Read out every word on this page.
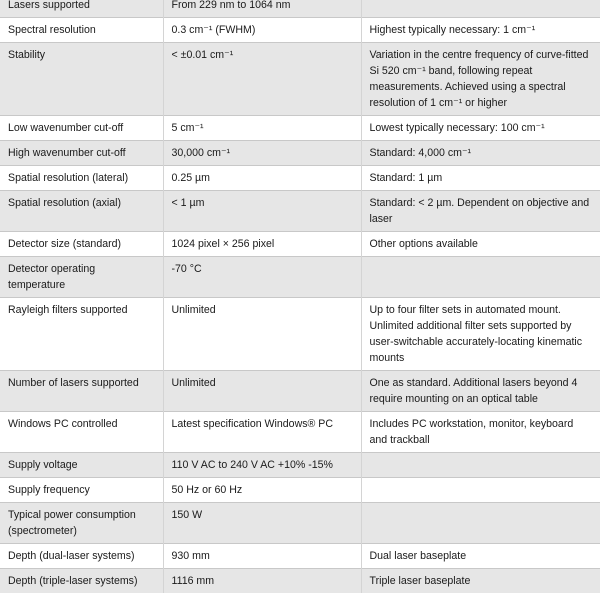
Lasers supported	From 229 nm to 1064 nm	
Spectral resolution	0.3 cm⁻¹ (FWHM)	Highest typically necessary: 1 cm⁻¹
Stability	< ±0.01 cm⁻¹	Variation in the centre frequency of curve-fitted Si 520 cm⁻¹ band, following repeat measurements. Achieved using a spectral resolution of 1 cm⁻¹ or higher
Low wavenumber cut-off	5 cm⁻¹	Lowest typically necessary: 100 cm⁻¹
High wavenumber cut-off	30,000 cm⁻¹	Standard: 4,000 cm⁻¹
Spatial resolution (lateral)	0.25 µm	Standard: 1 µm
Spatial resolution (axial)	< 1 µm	Standard: < 2 µm. Dependent on objective and laser
Detector size (standard)	1024 pixel × 256 pixel	Other options available
Detector operating temperature	-70 °C	
Rayleigh filters supported	Unlimited	Up to four filter sets in automated mount. Unlimited additional filter sets supported by user-switchable accurately-locating kinematic mounts
Number of lasers supported	Unlimited	One as standard. Additional lasers beyond 4 require mounting on an optical table
Windows PC controlled	Latest specification Windows® PC	Includes PC workstation, monitor, keyboard and trackball
Supply voltage	110 V AC to 240 V AC +10% -15%	
Supply frequency	50 Hz or 60 Hz	
Typical power consumption (spectrometer)	150 W	
Depth (dual-laser systems)	930 mm	Dual laser baseplate
Depth (triple-laser systems)	1116 mm	Triple laser baseplate
